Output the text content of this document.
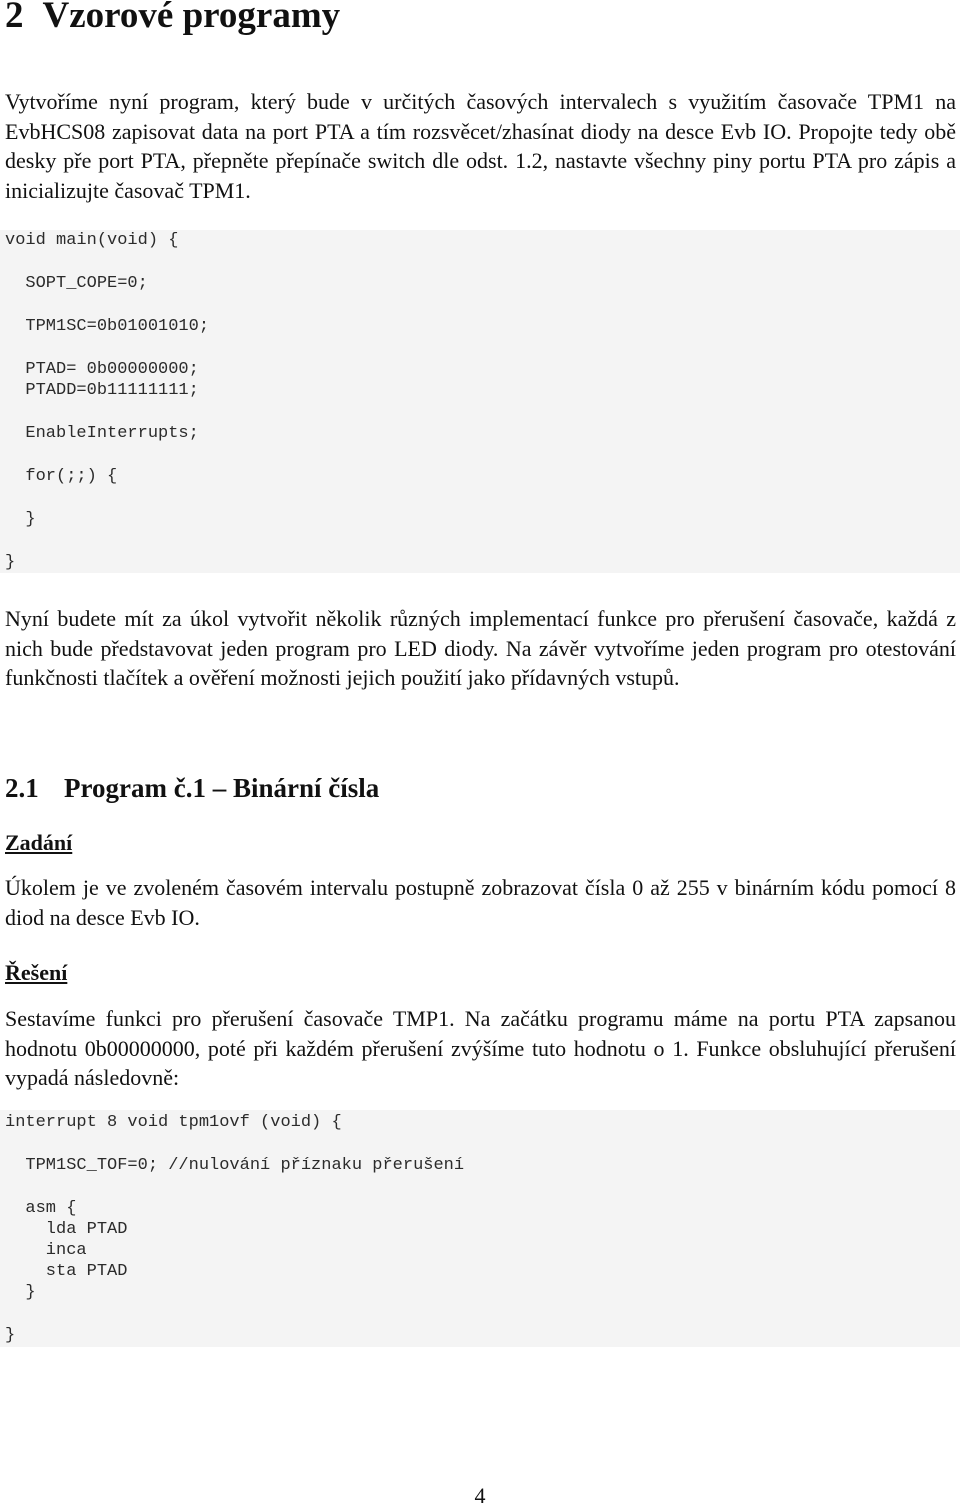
2 Vzorové programy

Vytvoříme nyní program, který bude v určitých časových intervalech s využitím časovače TPM1 na EvbHCS08 zapisovat data na port PTA a tím rozsvěcet/zhasínat diody na desce Evb IO. Propojte tedy obě desky pře port PTA, přepněte přepínače switch dle odst. 1.2, nastavte všechny piny portu PTA pro zápis a inicializujte časovač TPM1.

void main(void) {
SOPT_COPE=0;
TPM1SC=0b01001010;
PTAD= 0b00000000;
PTADD=0b11111111;
EnableInterrupts;
for(;;) {
}
}

Nyní budete mít za úkol vytvořit několik různých implementací funkce pro přerušení časovače, každá z nich bude představovat jeden program pro LED diody. Na závěr vytvoříme jeden program pro otestování funkčnosti tlačítek a ověření možnosti jejich použití jako přídavných vstupů.

2.1 Program č.1 – Binární čísla
Zadání

Úkolem je ve zvoleném časovém intervalu postupně zobrazovat čísla 0 až 255 v binárním kódu pomocí 8 diod na desce Evb IO.

Řešení

Sestavíme funkci pro přerušení časovače TMP1. Na začátku programu máme na portu PTA zapsanou hodnotu 0b00000000, poté při každém přerušení zvýšíme tuto hodnotu o 1. Funkce obsluhující přerušení vypadá následovně:

interrupt 8 void tpm1ovf (void) {
TPM1SC_TOF=0; //nulování příznaku přerušení
asm {
lda PTAD
inca
sta PTAD
}
}
4
